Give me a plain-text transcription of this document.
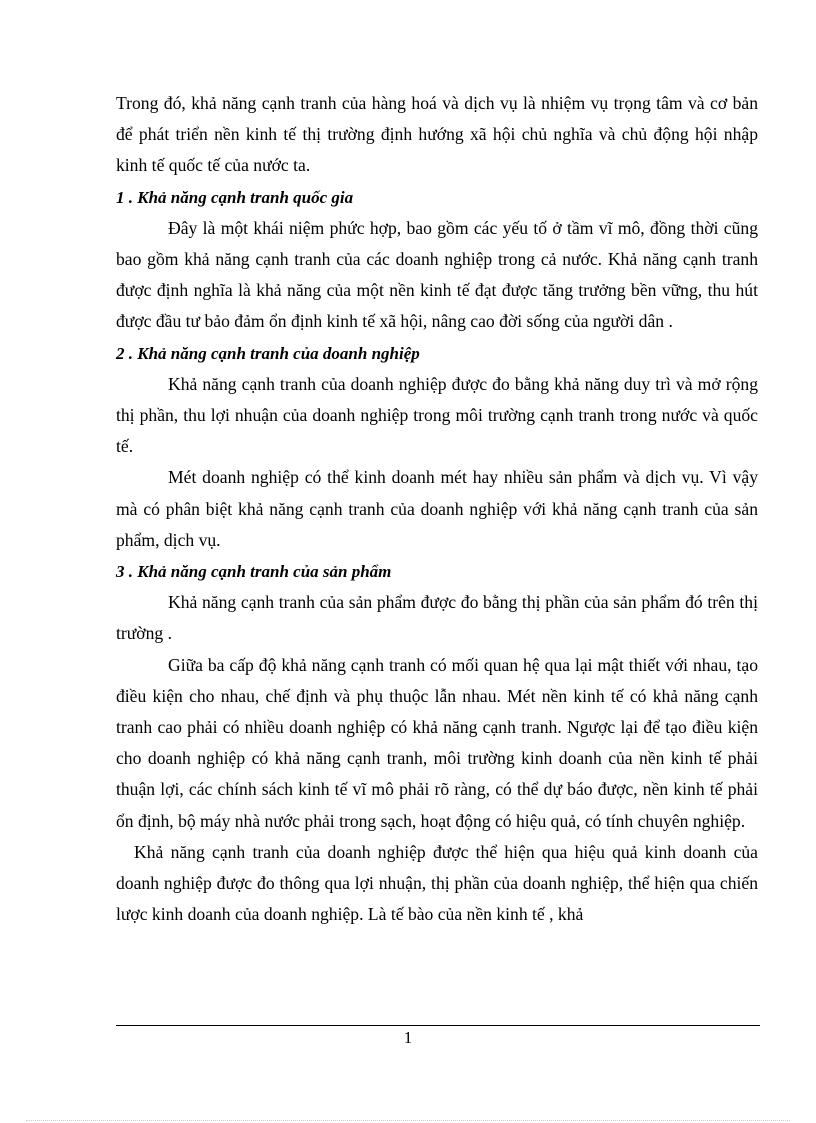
Trong đó, khả năng cạnh tranh của hàng hoá và dịch vụ là nhiệm vụ trọng tâm và cơ bản để phát triển nền kinh tế thị trường định hướng xã hội chủ nghĩa và chủ động hội nhập kinh tế quốc tế của nước ta.

1 . Khả năng cạnh tranh quốc gia

Đây là một khái niệm phức hợp, bao gồm các yếu tố ở tầm vĩ mô, đồng thời cũng bao gồm khả năng cạnh tranh của các doanh nghiệp trong cả nước. Khả năng cạnh tranh được định nghĩa là khả năng của một nền kinh tế đạt được tăng trưởng bền vững, thu hút được đầu tư bảo đảm ổn định kinh tế xã hội, nâng cao đời sống của người dân .

2 . Khả năng cạnh tranh của doanh nghiệp

Khả năng cạnh tranh của doanh nghiệp được đo bằng khả năng duy trì và mở rộng thị phần, thu lợi nhuận của doanh nghiệp trong môi trường cạnh tranh trong nước và quốc tế.

Mét doanh nghiệp có thể kinh doanh mét hay nhiều sản phẩm và dịch vụ. Vì vậy mà có phân biệt khả năng cạnh tranh của doanh nghiệp với khả năng cạnh tranh của sản phẩm, dịch vụ.

3 . Khả năng cạnh tranh của sản phẩm

Khả năng cạnh tranh của sản phẩm được đo bằng thị phần của sản phẩm đó trên thị trường .

Giữa ba cấp độ khả năng cạnh tranh có mối quan hệ qua lại mật thiết với nhau, tạo điều kiện cho nhau, chế định và phụ thuộc lẫn nhau. Mét nền kinh tế có khả năng cạnh tranh cao phải có nhiều doanh nghiệp có khả năng cạnh tranh. Ngược lại để tạo điều kiện cho doanh nghiệp có khả năng cạnh tranh, môi trường kinh doanh của nền kinh tế phải thuận lợi, các chính sách kinh tế vĩ mô phải rõ ràng, có thể dự báo được, nền kinh tế phải ổn định, bộ máy nhà nước phải trong sạch, hoạt động có hiệu quả, có tính chuyên nghiệp.

Khả năng cạnh tranh của doanh nghiệp được thể hiện qua hiệu quả kinh doanh của doanh nghiệp được đo thông qua lợi nhuận, thị phần của doanh nghiệp, thể hiện qua chiến lược kinh doanh của doanh nghiệp. Là tế bào của nền kinh tế , khả

1
